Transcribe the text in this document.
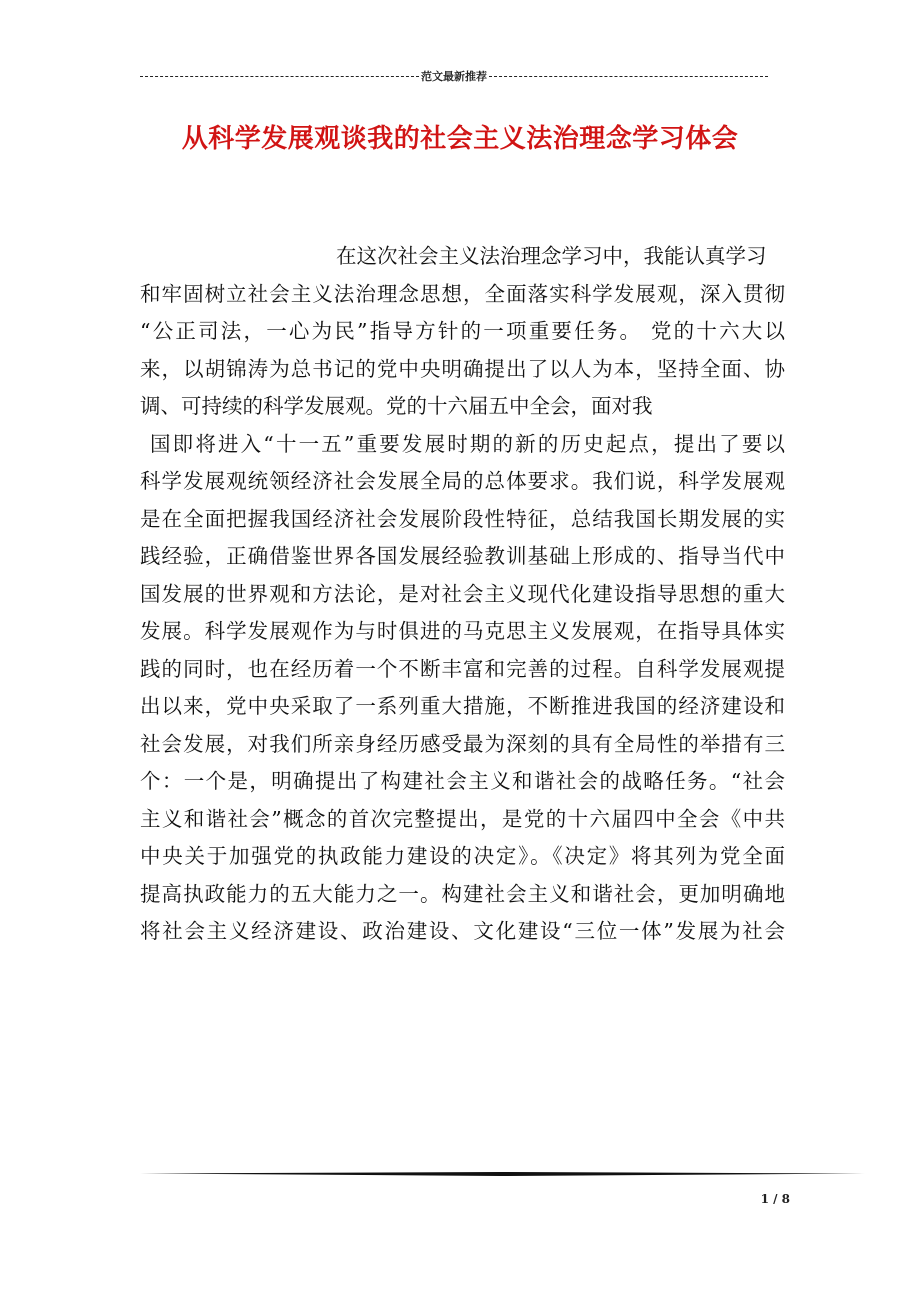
范文最新推荐
从科学发展观谈我的社会主义法治理念学习体会
在这次社会主义法治理念学习中，我能认真学习
和牢固树立社会主义法治理念思想，全面落实科学发展观，深入贯彻
“公正司法，一心为民”指导方针的一项重要任务。 党的十六大以
来，以胡锦涛为总书记的党中央明确提出了以人为本，坚持全面、协
调、可持续的科学发展观。党的十六届五中全会，面对我
国即将进入“十一五”重要发展时期的新的历史起点，提出了要以
科学发展观统领经济社会发展全局的总体要求。我们说，科学发展观
是在全面把握我国经济社会发展阶段性特征，总结我国长期发展的实
践经验，正确借鉴世界各国发展经验教训基础上形成的、指导当代中
国发展的世界观和方法论，是对社会主义现代化建设指导思想的重大
发展。科学发展观作为与时俱进的马克思主义发展观，在指导具体实
践的同时，也在经历着一个不断丰富和完善的过程。自科学发展观提
出以来，党中央采取了一系列重大措施，不断推进我国的经济建设和
社会发展，对我们所亲身经历感受最为深刻的具有全局性的举措有三
个：一个是，明确提出了构建社会主义和谐社会的战略任务。“社会
主义和谐社会”概念的首次完整提出，是党的十六届四中全会《中共
中央关于加强党的执政能力建设的决定》。《决定》将其列为党全面
提高执政能力的五大能力之一。构建社会主义和谐社会，更加明确地
将社会主义经济建设、政治建设、文化建设“三位一体”发展为社会
1 / 8
